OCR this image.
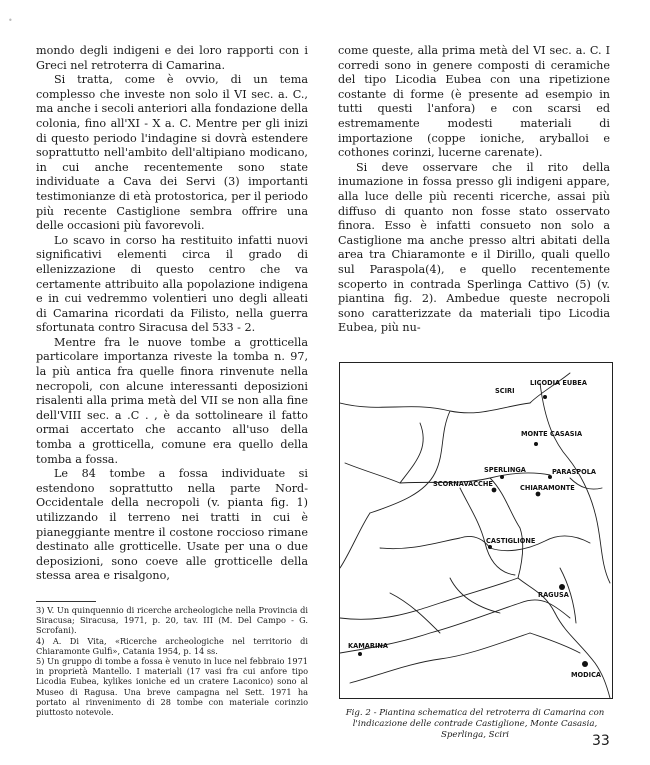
•

mondo degli indigeni e dei loro rapporti con i Greci nel retroterra di Camarina.

Si tratta, come è ovvio, di un tema complesso che investe non solo il VI sec. a. C., ma anche i secoli anteriori alla fondazione della colonia, fino all'XI - X a. C. Mentre per gli inizi di questo periodo l'indagine si dovrà estendere soprattutto nell'ambito dell'altipiano modicano, in cui anche recentemente sono state individuate a Cava dei Servi (3) importanti testimonianze di età protostorica, per il periodo più recente Castiglione sembra offrire una delle occasioni più favorevoli.

Lo scavo in corso ha restituito infatti nuovi significativi elementi circa il grado di ellenizzazione di questo centro che va certamente attribuito alla popolazione indigena e in cui vedremmo volentieri uno degli alleati di Camarina ricordati da Filisto, nella guerra sfortunata contro Siracusa del 533 - 2.

Mentre fra le nuove tombe a grotticella particolare importanza riveste la tomba n. 97, la più antica fra quelle finora rinvenute nella necropoli, con alcune interessanti deposizioni risalenti alla prima metà del VII se non alla fine dell'VIII sec. a .C . , è da sottolineare il fatto ormai accertato che accanto all'uso della tomba a grotticella, comune era quello della tomba a fossa.

Le 84 tombe a fossa individuate si estendono soprattutto nella parte Nord-Occidentale della necropoli (v. pianta fig. 1) utilizzando il terreno nei tratti in cui è pianeggiante mentre il costone roccioso rimane destinato alle grotticelle. Usate per una o due deposizioni, sono coeve alle grotticelle della stessa area e risalgono,

come queste, alla prima metà del VI sec. a. C. I corredi sono in genere composti di ceramiche del tipo Licodia Eubea con una ripetizione costante di forme (è presente ad esempio in tutti questi l'anfora) e con scarsi ed estremamente modesti materiali di importazione (coppe ioniche, aryballoi e cothones corinzi, lucerne carenate).

Si deve osservare che il rito della inumazione in fossa presso gli indigeni appare, alla luce delle più recenti ricerche, assai più diffuso di quanto non fosse stato osservato finora. Esso è infatti consueto non solo a Castiglione ma anche presso altri abitati della area tra Chiaramonte e il Dirillo, quali quello sul Paraspola(4), e quello recentemente scoperto in contrada Sperlinga Cattivo (5) (v. piantina fig. 2). Ambedue queste necropoli sono caratterizzate da materiali tipo Licodia Eubea, più nu-

3) V. Un quinquennio di ricerche archeologiche nella Provincia di Siracusa; Siracusa, 1971, p. 20, tav. III (M. Del Campo - G. Scrofani).

4) A. Di Vita, «Ricerche archeologiche nel territorio di Chiaramonte Gulfi», Catania 1954, p. 14 ss.

5) Un gruppo di tombe a fossa è venuto in luce nel febbraio 1971 in proprietà Mantello. I materiali (17 vasi fra cui anfore tipo Licodia Eubea, kylikes ioniche ed un cratere Laconico) sono al Museo di Ragusa. Una breve campagna nel Sett. 1971 ha portato al rinvenimento di 28 tombe con materiale corinzio piuttosto notevole.

SCIRI
LICODIA EUBEA
MONTE CASASIA
SPERLINGA	PARASPOLA
SCORNAVACCHE	CHIARAMONTE
CASTIGLIONE
RAGUSA
KAMARINA
MODICA
Fig. 2 - Piantina schematica del retroterra di Camarina con l'indicazione delle contrade Castiglione, Monte Casasia, Sperlinga, Sciri	33
